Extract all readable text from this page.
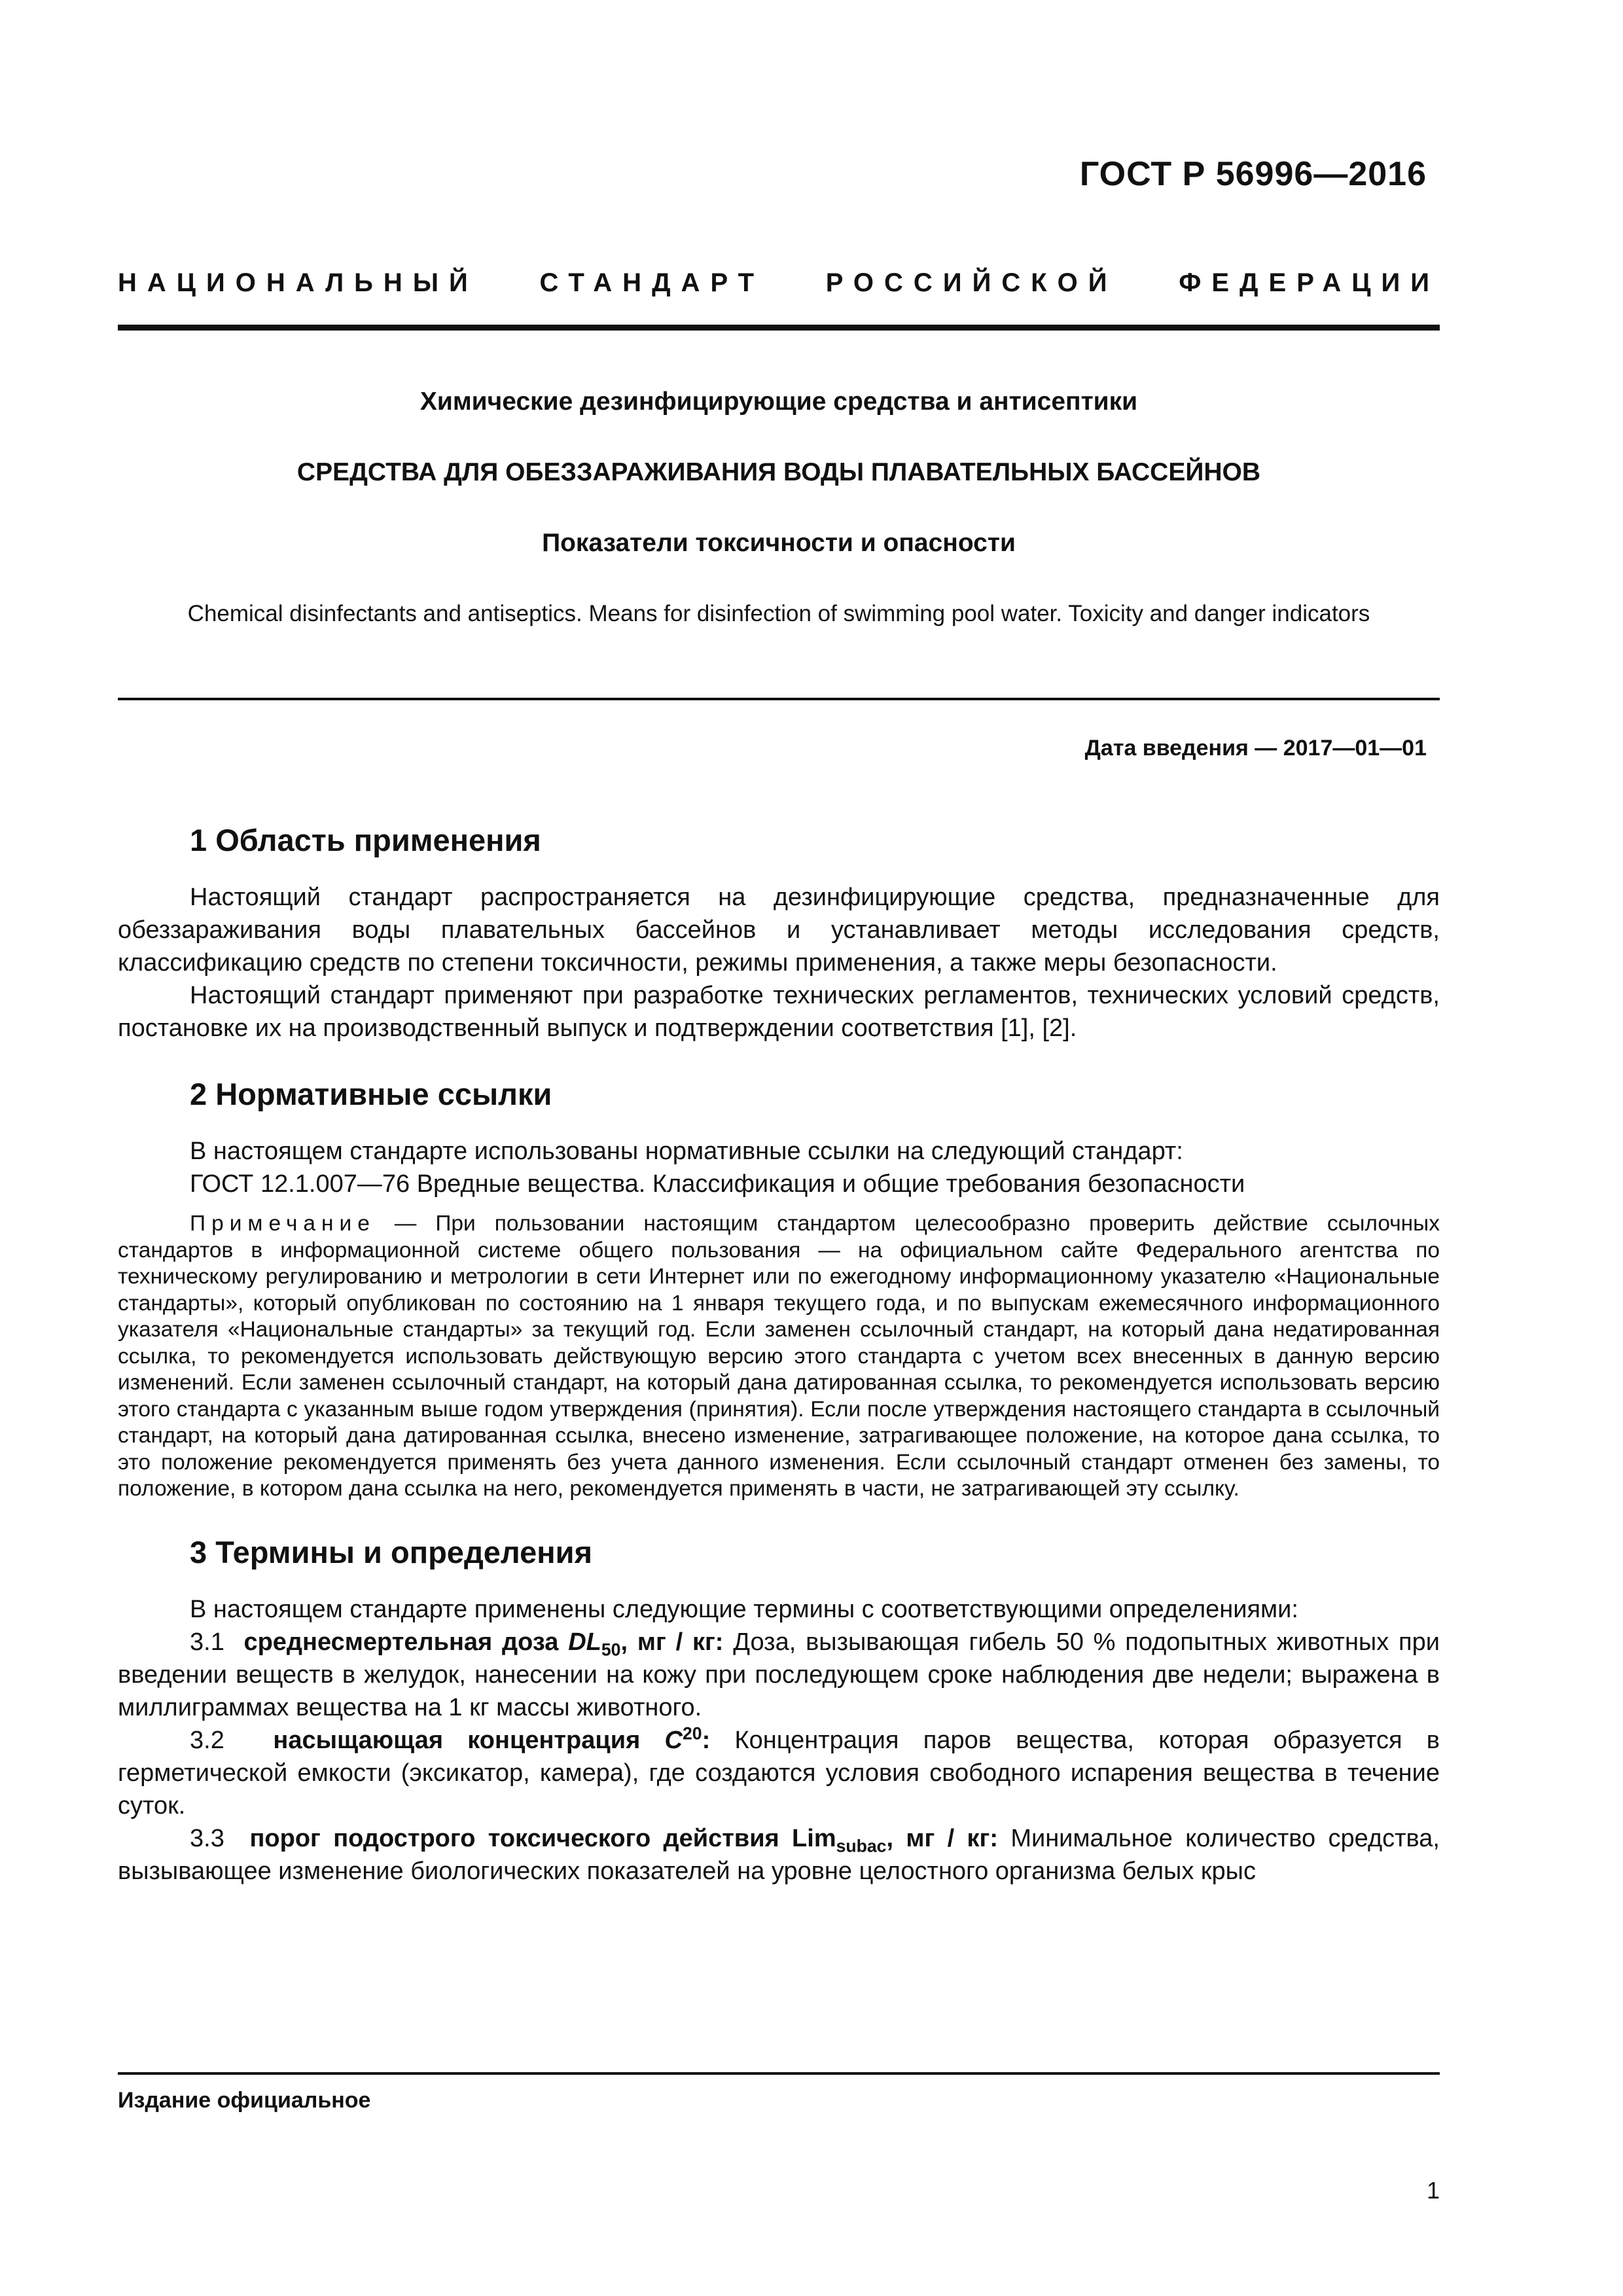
ГОСТ Р 56996—2016
НАЦИОНАЛЬНЫЙ СТАНДАРТ РОССИЙСКОЙ ФЕДЕРАЦИИ
Химические дезинфицирующие средства и антисептики
СРЕДСТВА ДЛЯ ОБЕЗЗАРАЖИВАНИЯ ВОДЫ ПЛАВАТЕЛЬНЫХ БАССЕЙНОВ
Показатели токсичности и опасности
Chemical disinfectants and antiseptics. Means for disinfection of swimming pool water. Toxicity and danger indicators
Дата введения — 2017—01—01
1 Область применения

Настоящий стандарт распространяется на дезинфицирующие средства, предназначенные для обеззараживания воды плавательных бассейнов и устанавливает методы исследования средств, классификацию средств по степени токсичности, режимы применения, а также меры безопасности.

Настоящий стандарт применяют при разработке технических регламентов, технических условий средств, постановке их на производственный выпуск и подтверждении соответствия [1], [2].

2 Нормативные ссылки

В настоящем стандарте использованы нормативные ссылки на следующий стандарт:

ГОСТ 12.1.007—76 Вредные вещества. Классификация и общие требования безопасности

Примечание — При пользовании настоящим стандартом целесообразно проверить действие ссылочных стандартов в информационной системе общего пользования — на официальном сайте Федерального агентства по техническому регулированию и метрологии в сети Интернет или по ежегодному информационному указателю «Национальные стандарты», который опубликован по состоянию на 1 января текущего года, и по выпускам ежемесячного информационного указателя «Национальные стандарты» за текущий год. Если заменен ссылочный стандарт, на который дана недатированная ссылка, то рекомендуется использовать действующую версию этого стандарта с учетом всех внесенных в данную версию изменений. Если заменен ссылочный стандарт, на который дана датированная ссылка, то рекомендуется использовать версию этого стандарта с указанным выше годом утверждения (принятия). Если после утверждения настоящего стандарта в ссылочный стандарт, на который дана датированная ссылка, внесено изменение, затрагивающее положение, на которое дана ссылка, то это положение рекомендуется применять без учета данного изменения. Если ссылочный стандарт отменен без замены, то положение, в котором дана ссылка на него, рекомендуется применять в части, не затрагивающей эту ссылку.

3 Термины и определения

В настоящем стандарте применены следующие термины с соответствующими определениями:

3.1 среднесмертельная доза $DL_{50}$, мг / кг: Доза, вызывающая гибель 50 % подопытных животных при введении веществ в желудок, нанесении на кожу при последующем сроке наблюдения две недели; выражена в миллиграммах вещества на 1 кг массы животного.

3.2 насыщающая концентрация $C^{20}$: Концентрация паров вещества, которая образуется в герметической емкости (эксикатор, камера), где создаются условия свободного испарения вещества в течение суток.

3.3 порог подострого токсического действия Lim$_{subac}$, мг / кг: Минимальное количество средства, вызывающее изменение биологических показателей на уровне целостного организма белых крыс

Издание официальное
1
